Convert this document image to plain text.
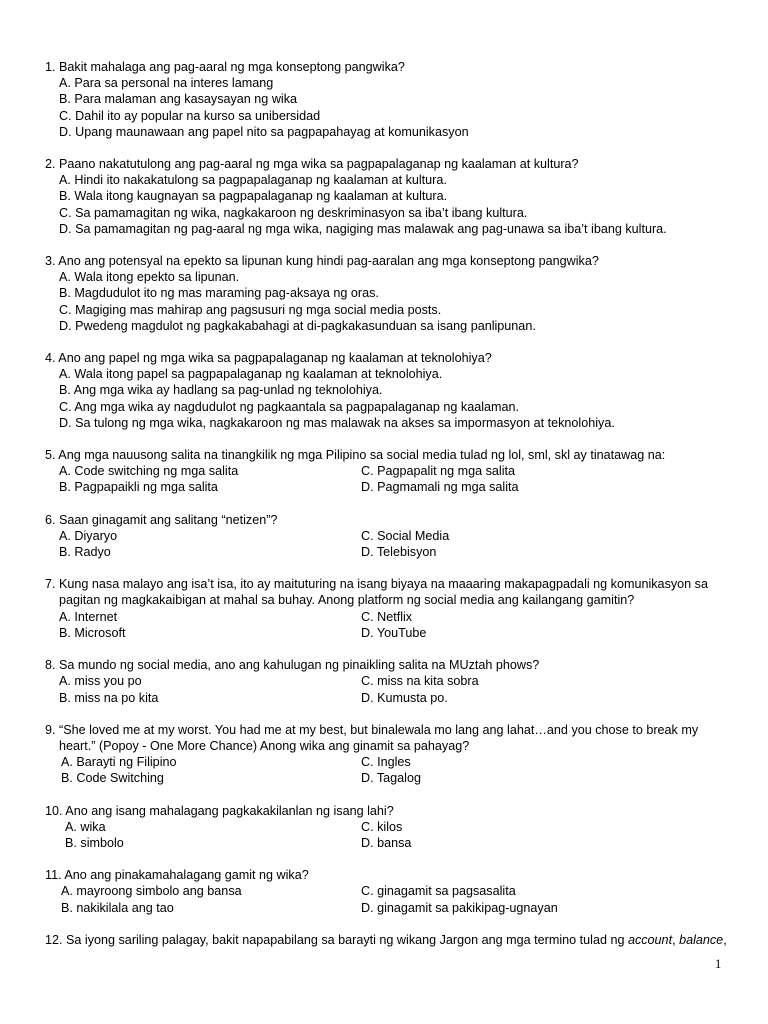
1. Bakit mahalaga ang pag-aaral ng mga konseptong pangwika?
A. Para sa personal na interes lamang
B. Para malaman ang kasaysayan ng wika
C. Dahil ito ay popular na kurso sa unibersidad
D. Upang maunawaan ang papel nito sa pagpapahayag at komunikasyon
2. Paano nakatutulong ang pag-aaral ng mga wika sa pagpapalaganap ng kaalaman at kultura?
A. Hindi ito nakakatulong sa pagpapalaganap ng kaalaman at kultura.
B. Wala itong kaugnayan sa pagpapalaganap ng kaalaman at kultura.
C. Sa pamamagitan ng wika, nagkakaroon ng deskriminasyon sa iba’t ibang kultura.
D. Sa pamamagitan ng pag-aaral ng mga wika, nagiging mas malawak ang pag-unawa sa iba’t ibang kultura.
3. Ano ang potensyal na epekto sa lipunan kung hindi pag-aaralan ang mga konseptong pangwika?
A. Wala itong epekto sa lipunan.
B. Magdudulot ito ng mas maraming pag-aksaya ng oras.
C. Magiging mas mahirap ang pagsusuri ng mga social media posts.
D. Pwedeng magdulot ng pagkakabahagi at di-pagkakasunduan sa isang panlipunan.
4. Ano ang papel ng mga wika sa pagpapalaganap ng kaalaman at teknolohiya?
A. Wala itong papel sa pagpapalaganap ng kaalaman at teknolohiya.
B. Ang mga wika ay hadlang sa pag-unlad ng teknolohiya.
C. Ang mga wika ay nagdudulot ng pagkaantala sa pagpapalaganap ng kaalaman.
D. Sa tulong ng mga wika, nagkakaroon ng mas malawak na akses sa impormasyon at teknolohiya.
5. Ang mga nauusong salita na tinangkilik ng mga Pilipino sa social media tulad ng lol, sml, skl ay tinatawag na:
A. Code switching ng mga salita	C. Pagpapalit ng mga salita
B. Pagpapaikli ng mga salita	D. Pagmamali ng mga salita
6. Saan ginagamit ang salitang “netizen”?
A. Diyaryo	C. Social Media
B. Radyo	D. Telebisyon
7. Kung nasa malayo ang isa’t isa, ito ay maituturing na isang biyaya na maaaring makapagpadali ng komunikasyon sa pagitan ng magkakaibigan at mahal sa buhay. Anong platform ng social media ang kailangang gamitin?
A. Internet	C. Netflix
B. Microsoft	D. YouTube
8. Sa mundo ng social media, ano ang kahulugan ng pinaikling salita na MUztah phows?
A. miss you po	C. miss na kita sobra
B. miss na po kita	D. Kumusta po.
9. “She loved me at my worst. You had me at my best, but binalewala mo lang ang lahat…and you chose to break my heart.” (Popoy - One More Chance) Anong wika ang ginamit sa pahayag?
A. Barayti ng Filipino	C. Ingles
B. Code Switching	D. Tagalog
10. Ano ang isang mahalagang pagkakakilanlan ng isang lahi?
A. wika	C. kilos
B. simbolo	D. bansa
11. Ano ang pinakamahalagang gamit ng wika?
A. mayroong simbolo ang bansa	C. ginagamit sa pagsasalita
B. nakikilala ang tao	D. ginagamit sa pakikipag-ugnayan
12. Sa iyong sariling palagay, bakit napapabilang sa barayti ng wikang Jargon ang mga termino tulad ng account, balance,
1
